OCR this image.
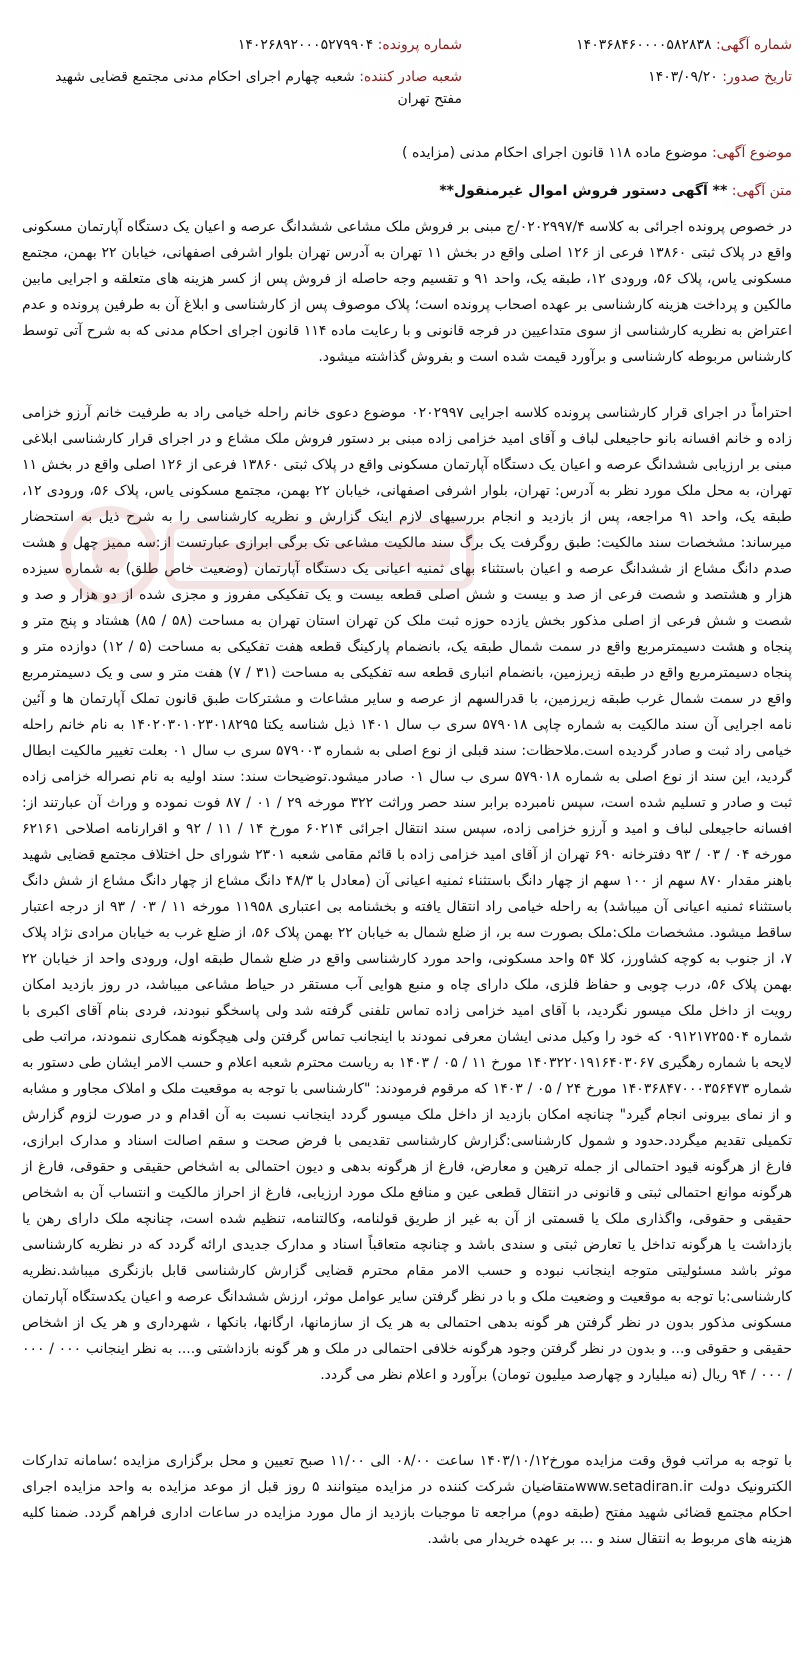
شماره آگهی: ۱۴۰۳۶۸۴۶۰۰۰۰۵۸۲۸۳۸
شماره پرونده: ۱۴۰۲۶۸۹۲۰۰۰۵۲۷۹۹۰۴
تاریخ صدور: ۱۴۰۳/۰۹/۲۰
شعبه صادر کننده: شعبه چهارم اجرای احکام مدنی مجتمع قضایی شهید مفتح تهران
موضوع آگهی: موضوع ماده ۱۱۸ قانون اجرای احکام مدنی (مزایده )
متن آگهی: ** آگهی دستور فروش اموال غیرمنقول**

در خصوص پرونده اجرائی به کلاسه ۰۲۰۲۹۹۷/۴/ج مبنی بر فروش ملک مشاعی ششدانگ عرصه و اعیان یک دستگاه آپارتمان مسکونی واقع در پلاک ثبتی ۱۳۸۶۰ فرعی از ۱۲۶ اصلی واقع در بخش ۱۱ تهران به آدرس تهران بلوار اشرفی اصفهانی، خیابان ۲۲ بهمن، مجتمع مسکونی یاس، پلاک ۵۶، ورودی ۱۲، طبقه یک، واحد ۹۱ و تقسیم وجه حاصله از فروش پس از کسر هزینه های متعلقه و اجرایی مابین مالکین و پرداخت هزینه کارشناسی بر عهده اصحاب پرونده است؛ پلاک موصوف پس از کارشناسی و ابلاغ آن به طرفین پرونده و عدم اعتراض به نظریه کارشناسی از سوی متداعیین در فرجه قانونی و با رعایت ماده ۱۱۴ قانون اجرای احکام مدنی که به شرح آتی توسط کارشناس مربوطه کارشناسی و برآورد قیمت شده است و بفروش گذاشته میشود.

احتراماً در اجرای قرار کارشناسی پرونده کلاسه اجرایی ۰۲۰۲۹۹۷ موضوع دعوی خانم راحله خیامی راد به طرفیت خانم آرزو خزامی زاده و خانم افسانه بانو حاجیعلی لباف و آقای امید خزامی زاده مبنی بر دستور فروش ملک مشاع و در اجرای قرار کارشناسی ابلاغی مبنی بر ارزیابی ششدانگ عرصه و اعیان یک دستگاه آپارتمان مسکونی واقع در پلاک ثبتی ۱۳۸۶۰ فرعی از ۱۲۶ اصلی واقع در بخش ۱۱ تهران، به محل ملک مورد نظر به آدرس: تهران، بلوار اشرفی اصفهانی، خیابان ۲۲ بهمن، مجتمع مسکونی یاس، پلاک ۵۶، ورودی ۱۲، طبقه یک، واحد ۹۱ مراجعه، پس از بازدید و انجام بررسیهای لازم اینک گزارش و نظریه کارشناسی را به شرح ذیل به استحضار میرساند: مشخصات سند مالکیت: طبق روگرفت یک برگ سند مالکیت مشاعی تک برگی ابرازی عبارتست از:سه ممیز چهل و هشت صدم دانگ مشاع از ششدانگ عرصه و اعیان باستثناء بهای ثمنیه اعیانی یک دستگاه آپارتمان (وضعیت خاص طلق) به شماره سیزده هزار و هشتصد و شصت فرعی از صد و بیست و شش اصلی قطعه بیست و یک تفکیکی مفروز و مجزی شده از دو هزار و صد و شصت و شش فرعی از اصلی مذکور بخش یازده حوزه ثبت ملک کن تهران استان تهران به مساحت (۵۸ / ۸۵) هشتاد و پنج متر و پنجاه و هشت دسیمترمربع واقع در سمت شمال طبقه یک، بانضمام پارکینگ قطعه هفت تفکیکی به مساحت (۵ / ۱۲) دوازده متر و پنجاه دسیمترمربع واقع در طبقه زیرزمین، بانضمام انباری قطعه سه تفکیکی به مساحت (۳۱ / ۷) هفت متر و سی و یک دسیمترمربع واقع در سمت شمال غرب طبقه زیرزمین، با قدرالسهم از عرصه و سایر مشاعات و مشترکات طبق قانون تملک آپارتمان ها و آئین نامه اجرایی آن سند مالکیت به شماره چاپی ۵۷۹۰۱۸ سری ب سال ۱۴۰۱ ذیل شناسه یکتا ۱۴۰۲۰۳۰۱۰۲۳۰۱۸۲۹۵ به نام خانم راحله خیامی راد ثبت و صادر گردیده است.ملاحظات: سند قبلی از نوع اصلی به شماره ۵۷۹۰۰۳ سری ب سال ۰۱ بعلت تغییر مالکیت ابطال گردید، این سند از نوع اصلی به شماره ۵۷۹۰۱۸ سری ب سال ۰۱ صادر میشود.توضیحات سند: سند اولیه به نام نصراله خزامی زاده ثبت و صادر و تسلیم شده است، سپس نامبرده برابر سند حصر وراثت ۳۲۲ مورخه ۲۹ / ۰۱ / ۸۷ فوت نموده و وراث آن عبارتند از: افسانه حاجیعلی لباف و امید و آرزو خزامی زاده، سپس سند انتقال اجرائی ۶۰۲۱۴ مورخ ۱۴ / ۱۱ / ۹۲ و اقرارنامه اصلاحی ۶۲۱۶۱ مورخه ۰۴ / ۰۳ / ۹۳ دفترخانه ۶۹۰ تهران از آقای امید خزامی زاده با قائم مقامی شعبه ۲۳۰۱ شورای حل اختلاف مجتمع قضایی شهید باهنر مقدار ۸۷۰ سهم از ۱۰۰ سهم از چهار دانگ باستثناء ثمنیه اعیانی آن (معادل با ۴۸/۳ دانگ مشاع از چهار دانگ مشاع از شش دانگ باستثناء ثمنیه اعیانی آن میباشد) به راحله خیامی راد انتقال یافته و بخشنامه بی اعتباری ۱۱۹۵۸ مورخه ۱۱ / ۰۳ / ۹۳ از درجه اعتبار ساقط میشود. مشخصات ملک:ملک بصورت سه بر، از ضلع شمال به خیابان ۲۲ بهمن پلاک ۵۶، از ضلع غرب به خیابان مرادی نژاد پلاک ۷، از جنوب به کوچه کشاورز، کلا ۵۴ واحد مسکونی، واحد مورد کارشناسی واقع در ضلع شمال طبقه اول، ورودی واحد از خیابان ۲۲ بهمن پلاک ۵۶، درب چوبی و حفاظ فلزی، ملک دارای چاه و منبع هوایی آب مستقر در حیاط مشاعی میباشد، در روز بازدید امکان رویت از داخل ملک میسور نگردید، با آقای امید خزامی زاده تماس تلفنی گرفته شد ولی پاسخگو نبودند، فردی بنام آقای اکبری با شماره ۰۹۱۲۱۷۲۵۵۰۴ که خود را وکیل مدنی ایشان معرفی نمودند با اینجانب تماس گرفتن ولی هیچگونه همکاری ننمودند، مراتب طی لایحه با شماره رهگیری ۱۴۰۳۲۲۰۱۹۱۶۴۰۳۰۶۷ مورخ ۱۱ / ۰۵ / ۱۴۰۳ به ریاست محترم شعبه اعلام و حسب الامر ایشان طی دستور به شماره ۱۴۰۳۶۸۴۷۰۰۰۳۵۶۴۷۳ مورخ ۲۴ / ۰۵ / ۱۴۰۳ که مرقوم فرمودند: "کارشناسی با توجه به موقعیت ملک و املاک مجاور و مشابه و از نمای بیرونی انجام گیرد" چنانچه امکان بازدید از داخل ملک میسور گردد اینجانب نسبت به آن اقدام و در صورت لزوم گزارش تکمیلی تقدیم میگردد.حدود و شمول کارشناسی:گزارش کارشناسی تقدیمی با فرض صحت و سقم اصالت اسناد و مدارک ابرازی، فارغ از هرگونه قیود احتمالی از جمله ترهین و معارض، فارغ از هرگونه بدهی و دیون احتمالی به اشخاص حقیقی و حقوقی، فارغ از هرگونه موانع احتمالی ثبتی و قانونی در انتقال قطعی عین و منافع ملک مورد ارزیابی، فارغ از احراز مالکیت و انتساب آن به اشخاص حقیقی و حقوقی، واگذاری ملک یا قسمتی از آن به غیر از طریق قولنامه، وکالتنامه، تنظیم شده است، چنانچه ملک دارای رهن یا بازداشت یا هرگونه تداخل یا تعارض ثبتی و سندی باشد و چنانچه متعاقباً اسناد و مدارک جدیدی ارائه گردد که در نظریه کارشناسی موثر باشد مسئولیتی متوجه اینجانب نبوده و حسب الامر مقام محترم قضایی گزارش کارشناسی قابل بازنگری میباشد.نظریه کارشناسی:با توجه به موقعیت و وضعیت ملک و با در نظر گرفتن سایر عوامل موثر، ارزش ششدانگ عرصه و اعیان یکدستگاه آپارتمان مسکونی مذکور بدون در نظر گرفتن هر گونه بدهی احتمالی به هر یک از سازمانها، ارگانها، بانکها ، شهرداری و هر یک از اشخاص حقیقی و حقوقی و... و بدون در نظر گرفتن وجود هرگونه خلافی احتمالی در ملک و هر گونه بازداشتی و.... به نظر اینجانب ۰۰۰ / ۰۰۰ / ۰۰۰ / ۹۴ ریال (نه میلیارد و چهارصد میلیون تومان) برآورد و اعلام نظر می گردد.

با توجه به مراتب فوق وقت مزایده مورخ۱۴۰۳/۱۰/۱۲ ساعت ۰۸/۰۰ الی ۱۱/۰۰ صبح تعیین و محل برگزاری مزایده ؛سامانه تدارکات الکترونیک دولت www.setadiran.irمتقاضیان شرکت کننده در مزایده میتوانند ۵ روز قبل از موعد مزایده به واحد مزایده اجرای احکام مجتمع قضائی شهید مفتح (طبقه دوم) مراجعه تا موجبات بازدید از مال مورد مزایده در ساعات اداری فراهم گردد. ضمنا کلیه هزینه های مربوط به انتقال سند و ... بر عهده خریدار می باشد.
